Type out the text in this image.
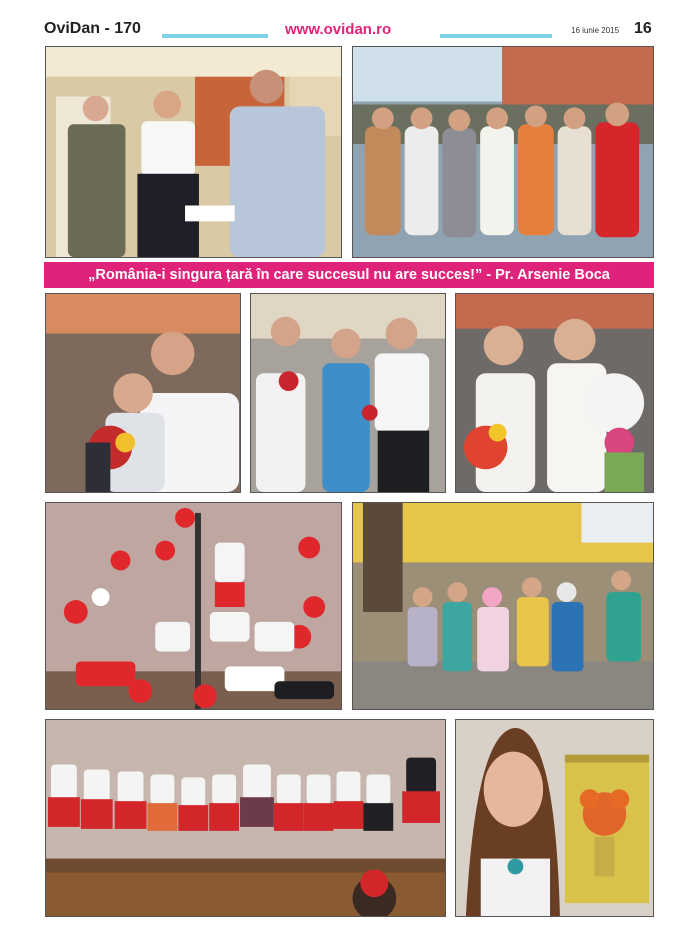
OviDan - 170	www.ovidan.ro	16 iunie 2015 16
„România-i singura țară în care succesul nu are succes!” - Pr. Arsenie Boca
